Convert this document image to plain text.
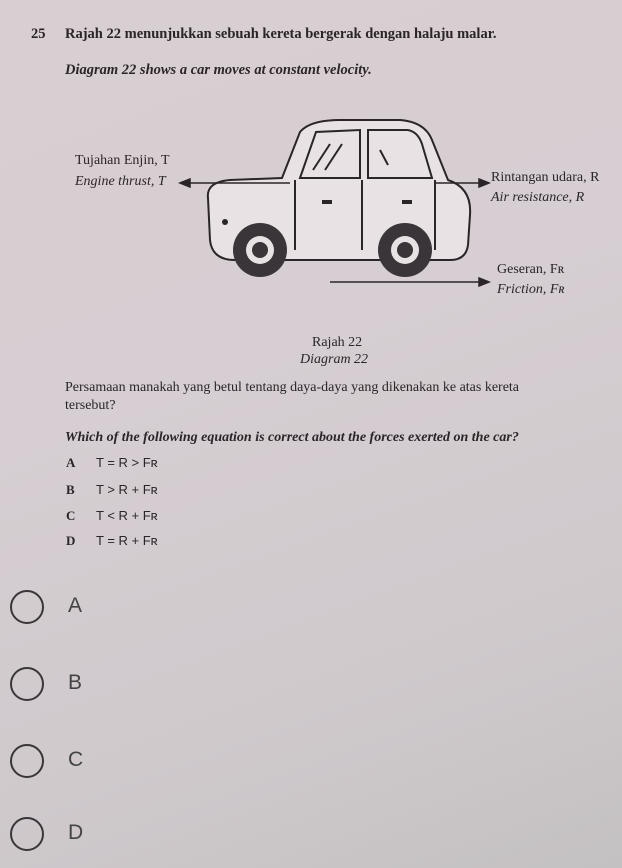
25 Rajah 22 menunjukkan sebuah kereta bergerak dengan halaju malar.
Diagram 22 shows a car moves at constant velocity.
Tujahan Enjin, T
Engine thrust, T	Rintangan udara, R
Air resistance, R
Geseran, Fʀ
Friction, Fʀ
Rajah 22
Diagram 22
Persamaan manakah yang betul tentang daya-daya yang dikenakan ke atas kereta
tersebut?
Which of the following equation is correct about the forces exerted on the car?
A T = R > Fʀ
B T > R + Fʀ
C T < R + Fʀ
D T = R + Fʀ
A
B
C
D
